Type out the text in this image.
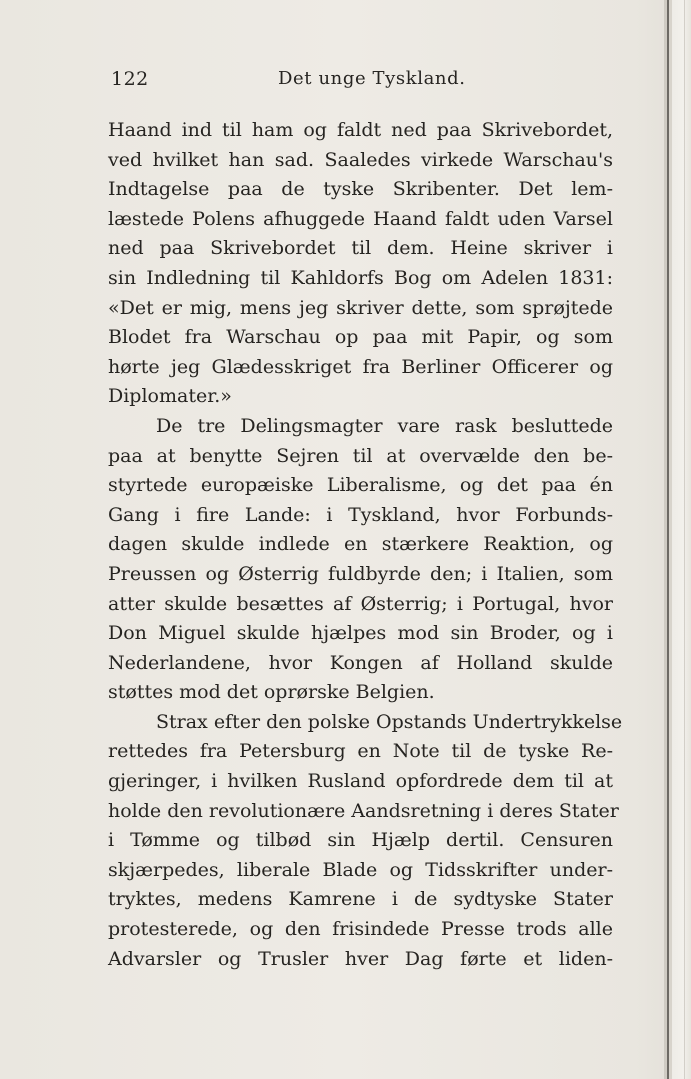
122	Det unge Tyskland.
Haand ind til ham og faldt ned paa Skrivebordet,
ved hvilket han sad. Saaledes virkede Warschau's
Indtagelse paa de tyske Skribenter. Det lem-
læstede Polens afhuggede Haand faldt uden Varsel
ned paa Skrivebordet til dem. Heine skriver i
sin Indledning til Kahldorfs Bog om Adelen 1831:
«Det er mig, mens jeg skriver dette, som sprøjtede
Blodet fra Warschau op paa mit Papir, og som
hørte jeg Glædesskriget fra Berliner Officerer og
Diplomater.»
De tre Delingsmagter vare rask besluttede
paa at benytte Sejren til at overvælde den be-
styrtede europæiske Liberalisme, og det paa én
Gang i fire Lande: i Tyskland, hvor Forbunds-
dagen skulde indlede en stærkere Reaktion, og
Preussen og Østerrig fuldbyrde den; i Italien, som
atter skulde besættes af Østerrig; i Portugal, hvor
Don Miguel skulde hjælpes mod sin Broder, og i
Nederlandene, hvor Kongen af Holland skulde
støttes mod det oprørske Belgien.
Strax efter den polske Opstands Undertrykkelse
rettedes fra Petersburg en Note til de tyske Re-
gjeringer, i hvilken Rusland opfordrede dem til at
holde den revolutionære Aandsretning i deres Stater
i Tømme og tilbød sin Hjælp dertil. Censuren
skjærpedes, liberale Blade og Tidsskrifter under-
tryktes, medens Kamrene i de sydtyske Stater
protesterede, og den frisindede Presse trods alle
Advarsler og Trusler hver Dag førte et liden-
